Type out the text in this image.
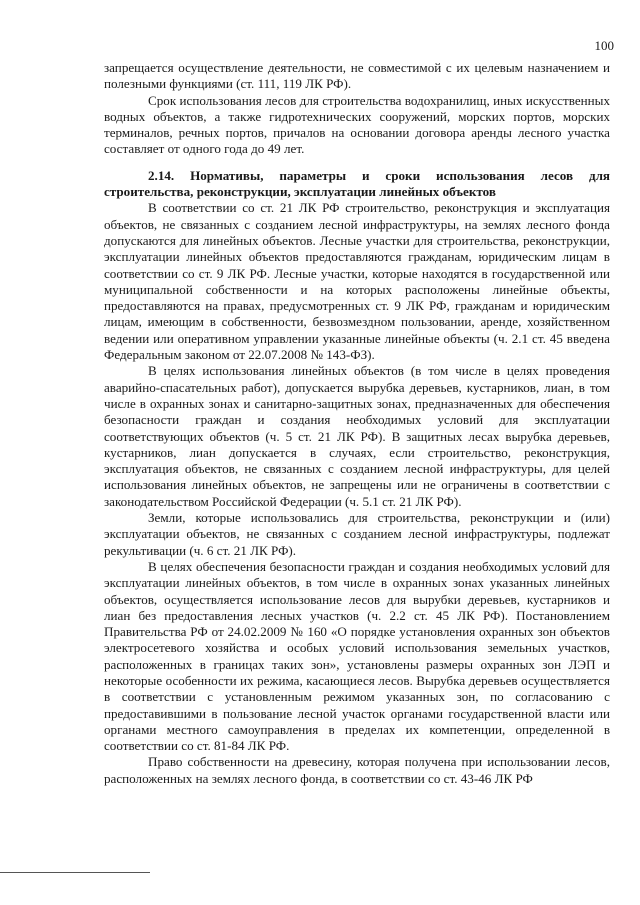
100

запрещается осуществление деятельности, не совместимой с их целевым назначением и полезными функциями (ст. 111, 119 ЛК РФ).

Срок использования лесов для строительства водохранилищ, иных искусственных водных объектов, а также гидротехнических сооружений, морских портов, морских терминалов, речных портов, причалов на основании договора аренды лесного участка составляет от одного года до 49 лет.

2.14. Нормативы, параметры и сроки использования лесов для строительства, реконструкции, эксплуатации линейных объектов

В соответствии со ст. 21 ЛК РФ строительство, реконструкция и эксплуатация объектов, не связанных с созданием лесной инфраструктуры, на землях лесного фонда допускаются для линейных объектов. Лесные участки для строительства, реконструкции, эксплуатации линейных объектов предоставляются гражданам, юридическим лицам в соответствии со ст. 9 ЛК РФ. Лесные участки, которые находятся в государственной или муниципальной собственности и на которых расположены линейные объекты, предоставляются на правах, предусмотренных ст. 9 ЛК РФ, гражданам и юридическим лицам, имеющим в собственности, безвозмездном пользовании, аренде, хозяйственном ведении или оперативном управлении указанные линейные объекты (ч. 2.1 ст. 45 введена Федеральным законом от 22.07.2008 № 143-ФЗ).

В целях использования линейных объектов (в том числе в целях проведения аварийно-спасательных работ), допускается вырубка деревьев, кустарников, лиан, в том числе в охранных зонах и санитарно-защитных зонах, предназначенных для обеспечения безопасности граждан и создания необходимых условий для эксплуатации соответствующих объектов (ч. 5 ст. 21 ЛК РФ). В защитных лесах вырубка деревьев, кустарников, лиан допускается в случаях, если строительство, реконструкция, эксплуатация объектов, не связанных с созданием лесной инфраструктуры, для целей использования линейных объектов, не запрещены или не ограничены в соответствии с законодательством Российской Федерации (ч. 5.1 ст. 21 ЛК РФ).

Земли, которые использовались для строительства, реконструкции и (или) эксплуатации объектов, не связанных с созданием лесной инфраструктуры, подлежат рекультивации (ч. 6 ст. 21 ЛК РФ).

В целях обеспечения безопасности граждан и создания необходимых условий для эксплуатации линейных объектов, в том числе в охранных зонах указанных линейных объектов, осуществляется использование лесов для вырубки деревьев, кустарников и лиан без предоставления лесных участков (ч. 2.2 ст. 45 ЛК РФ). Постановлением Правительства РФ от 24.02.2009 № 160 «О порядке установления охранных зон объектов электросетевого хозяйства и особых условий использования земельных участков, расположенных в границах таких зон», установлены размеры охранных зон ЛЭП и некоторые особенности их режима, касающиеся лесов. Вырубка деревьев осуществляется в соответствии с установленным режимом указанных зон, по согласованию с предоставившими в пользование лесной участок органами государственной власти или органами местного самоуправления в пределах их компетенции, определенной в соответствии со ст. 81-84 ЛК РФ.

Право собственности на древесину, которая получена при использовании лесов, расположенных на землях лесного фонда, в соответствии со ст. 43-46 ЛК РФ
